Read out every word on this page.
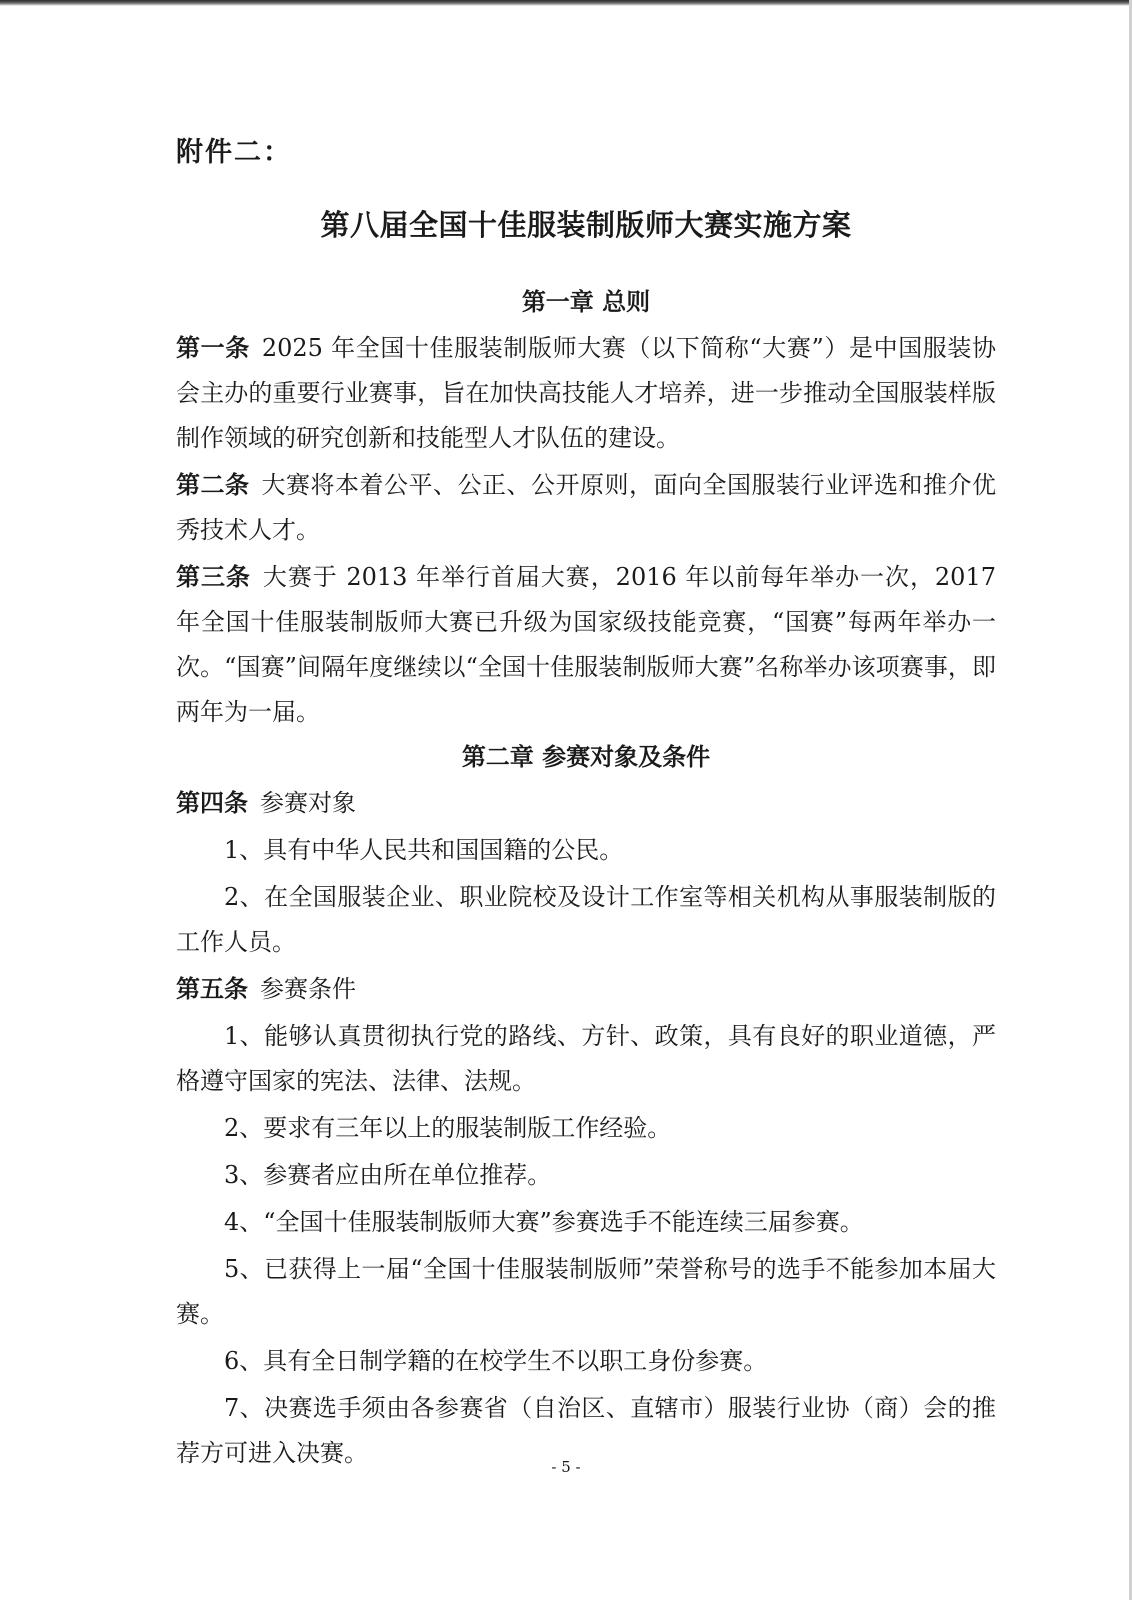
附件二：
第八届全国十佳服装制版师大赛实施方案
第一章 总则

第一条 2025 年全国十佳服装制版师大赛（以下简称“大赛”）是中国服装协会主办的重要行业赛事，旨在加快高技能人才培养，进一步推动全国服装样版制作领域的研究创新和技能型人才队伍的建设。

第二条 大赛将本着公平、公正、公开原则，面向全国服装行业评选和推介优秀技术人才。

第三条 大赛于 2013 年举行首届大赛，2016 年以前每年举办一次，2017 年全国十佳服装制版师大赛已升级为国家级技能竞赛，“国赛”每两年举办一次。“国赛”间隔年度继续以“全国十佳服装制版师大赛”名称举办该项赛事，即两年为一届。

第二章 参赛对象及条件

第四条 参赛对象

1、具有中华人民共和国国籍的公民。

2、在全国服装企业、职业院校及设计工作室等相关机构从事服装制版的工作人员。

第五条 参赛条件

1、能够认真贯彻执行党的路线、方针、政策，具有良好的职业道德，严格遵守国家的宪法、法律、法规。

2、要求有三年以上的服装制版工作经验。

3、参赛者应由所在单位推荐。

4、“全国十佳服装制版师大赛”参赛选手不能连续三届参赛。

5、已获得上一届“全国十佳服装制版师”荣誉称号的选手不能参加本届大赛。

6、具有全日制学籍的在校学生不以职工身份参赛。

7、决赛选手须由各参赛省（自治区、直辖市）服装行业协（商）会的推荐方可进入决赛。	- 5 -
